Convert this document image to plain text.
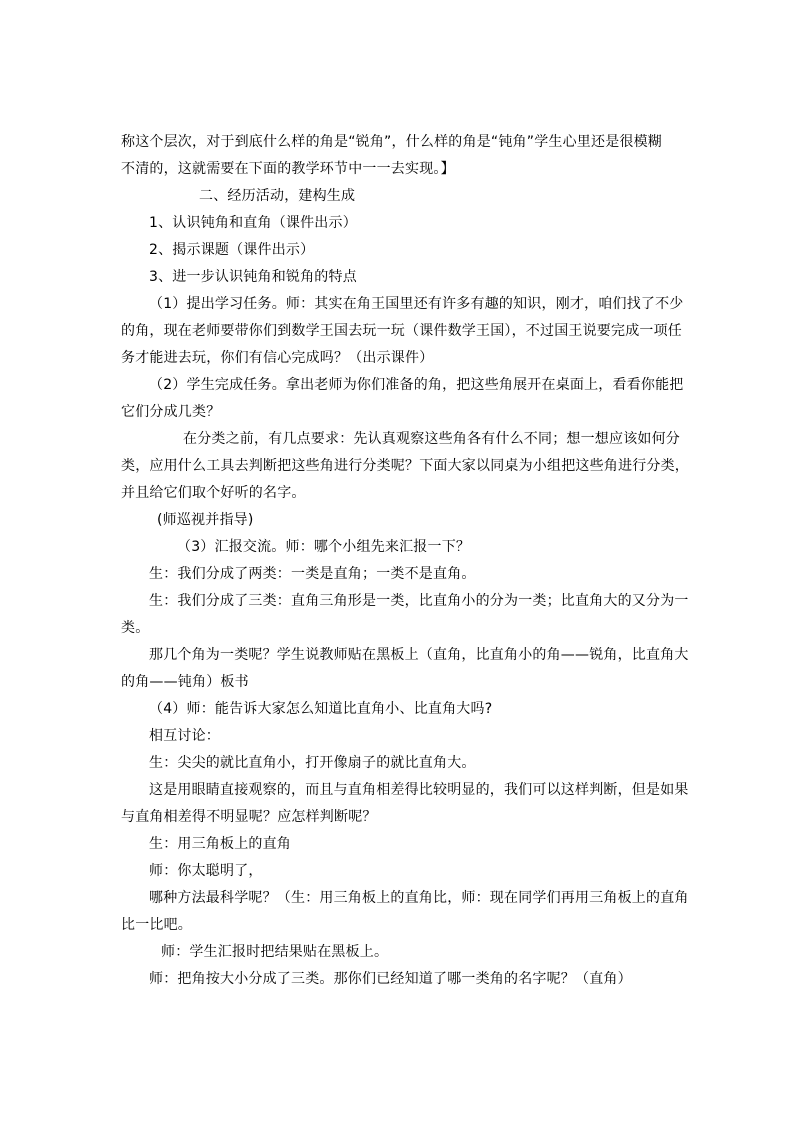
称这个层次，对于到底什么样的角是“锐角”，什么样的角是“钝角”学生心里还是很模糊

不清的，这就需要在下面的教学环节中一一去实现。】

二、经历活动，建构生成

1、认识钝角和直角（课件出示）

2、揭示课题（课件出示）

3、进一步认识钝角和锐角的特点

（1）提出学习任务。师：其实在角王国里还有许多有趣的知识，刚才，咱们找了不少

的角，现在老师要带你们到数学王国去玩一玩（课件数学王国），不过国王说要完成一项任

务才能进去玩，你们有信心完成吗？（出示课件）

（2）学生完成任务。拿出老师为你们准备的角，把这些角展开在桌面上，看看你能把

它们分成几类？

在分类之前，有几点要求：先认真观察这些角各有什么不同；想一想应该如何分

类，应用什么工具去判断把这些角进行分类呢？下面大家以同桌为小组把这些角进行分类，

并且给它们取个好听的名字。

(师巡视并指导)

（3）汇报交流。师：哪个小组先来汇报一下？

生：我们分成了两类：一类是直角；一类不是直角。

生：我们分成了三类：直角三角形是一类，比直角小的分为一类；比直角大的又分为一

类。

那几个角为一类呢？学生说教师贴在黑板上（直角，比直角小的角——锐角，比直角大

的角——钝角）板书

（4）师：能告诉大家怎么知道比直角小、比直角大吗?

相互讨论：

生：尖尖的就比直角小，打开像扇子的就比直角大。

这是用眼睛直接观察的，而且与直角相差得比较明显的，我们可以这样判断，但是如果

与直角相差得不明显呢？应怎样判断呢？

生：用三角板上的直角

师：你太聪明了，

哪种方法最科学呢？（生：用三角板上的直角比，师：现在同学们再用三角板上的直角

比一比吧。

师：学生汇报时把结果贴在黑板上。

师：把角按大小分成了三类。那你们已经知道了哪一类角的名字呢？（直角）
